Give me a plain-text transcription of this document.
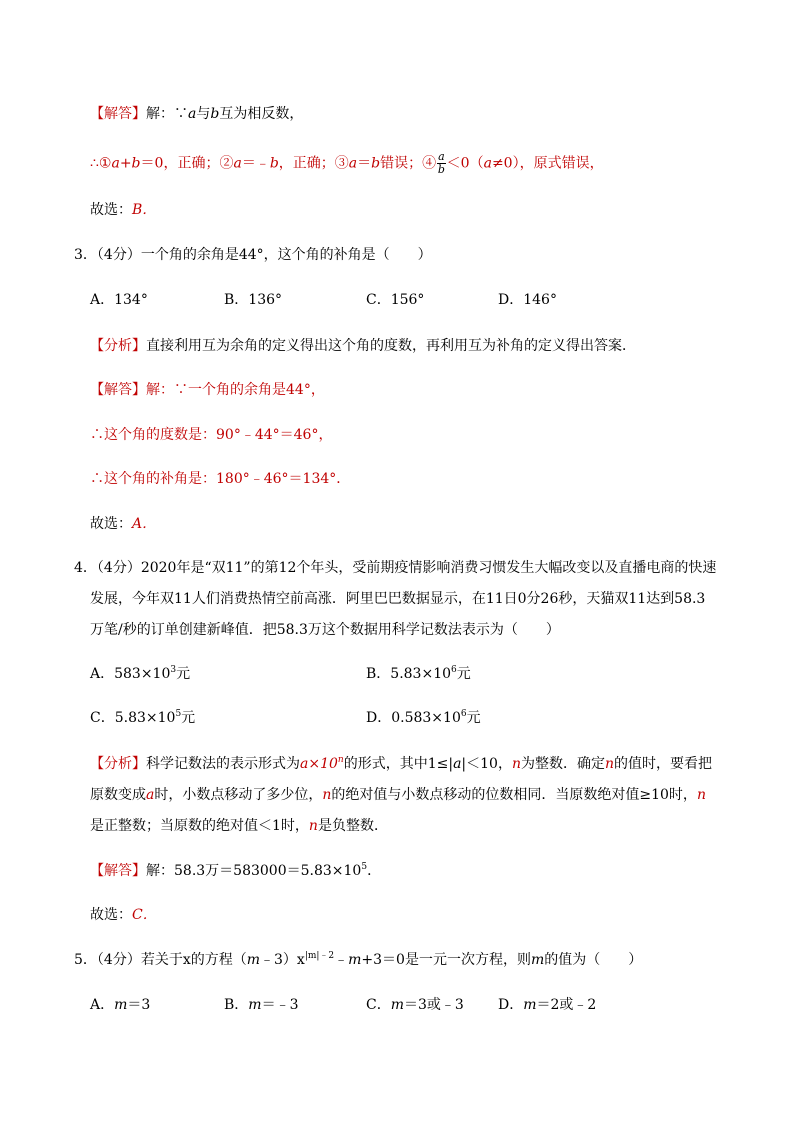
【解答】解：∵a与b互为相反数，
∴①a+b＝0，正确；②a＝﹣b，正确；③a＝b错误；④ $\frac{a}{b} <0(a\ne 0)$，原式错误，
故选：B．
3．（4分）一个角的余角是44°，这个角的补角是（　　）
A．134°	B．136°	C．156°	D．146°
【分析】直接利用互为余角的定义得出这个角的度数，再利用互为补角的定义得出答案．
【解答】解：∵一个角的余角是44°，
∴这个角的度数是：90°﹣44°＝46°，
∴这个角的补角是：180°﹣46°＝134°．
故选：A．
4．（4分）2020年是“双11”的第12个年头，受前期疫情影响消费习惯发生大幅改变以及直播电商的快速
发展，今年双11人们消费热情空前高涨．阿里巴巴数据显示，在11日0分26秒，天猫双11达到58.3
万笔/秒的订单创建新峰值．把58.3万这个数据用科学记数法表示为（　　）
A．$583\times 10^3$元	B．$5.83\times 10^6$元
C．$5.83\times 10^5$元	D．$0.583\times 10^6$元
【分析】科学记数法的表示形式为$a\times 10^n$的形式，其中1≤|a|＜10，n为整数．确定n的值时，要看把
原数变成a时，小数点移动了多少位，n的绝对值与小数点移动的位数相同．当原数绝对值≥10时，n
是正整数；当原数的绝对值＜1时，n是负整数．
【解答】解：58.3万$=583000=5.83\times 10^5$．
故选：C．
5．（4分）若关于x的方程$(m﹣3)x^{|m|﹣2}﹣m+3=0$是一元一次方程，则m的值为（　　）
A．m＝3	B．m＝﹣3	C．m＝3或﹣3 D．m＝2或﹣2
